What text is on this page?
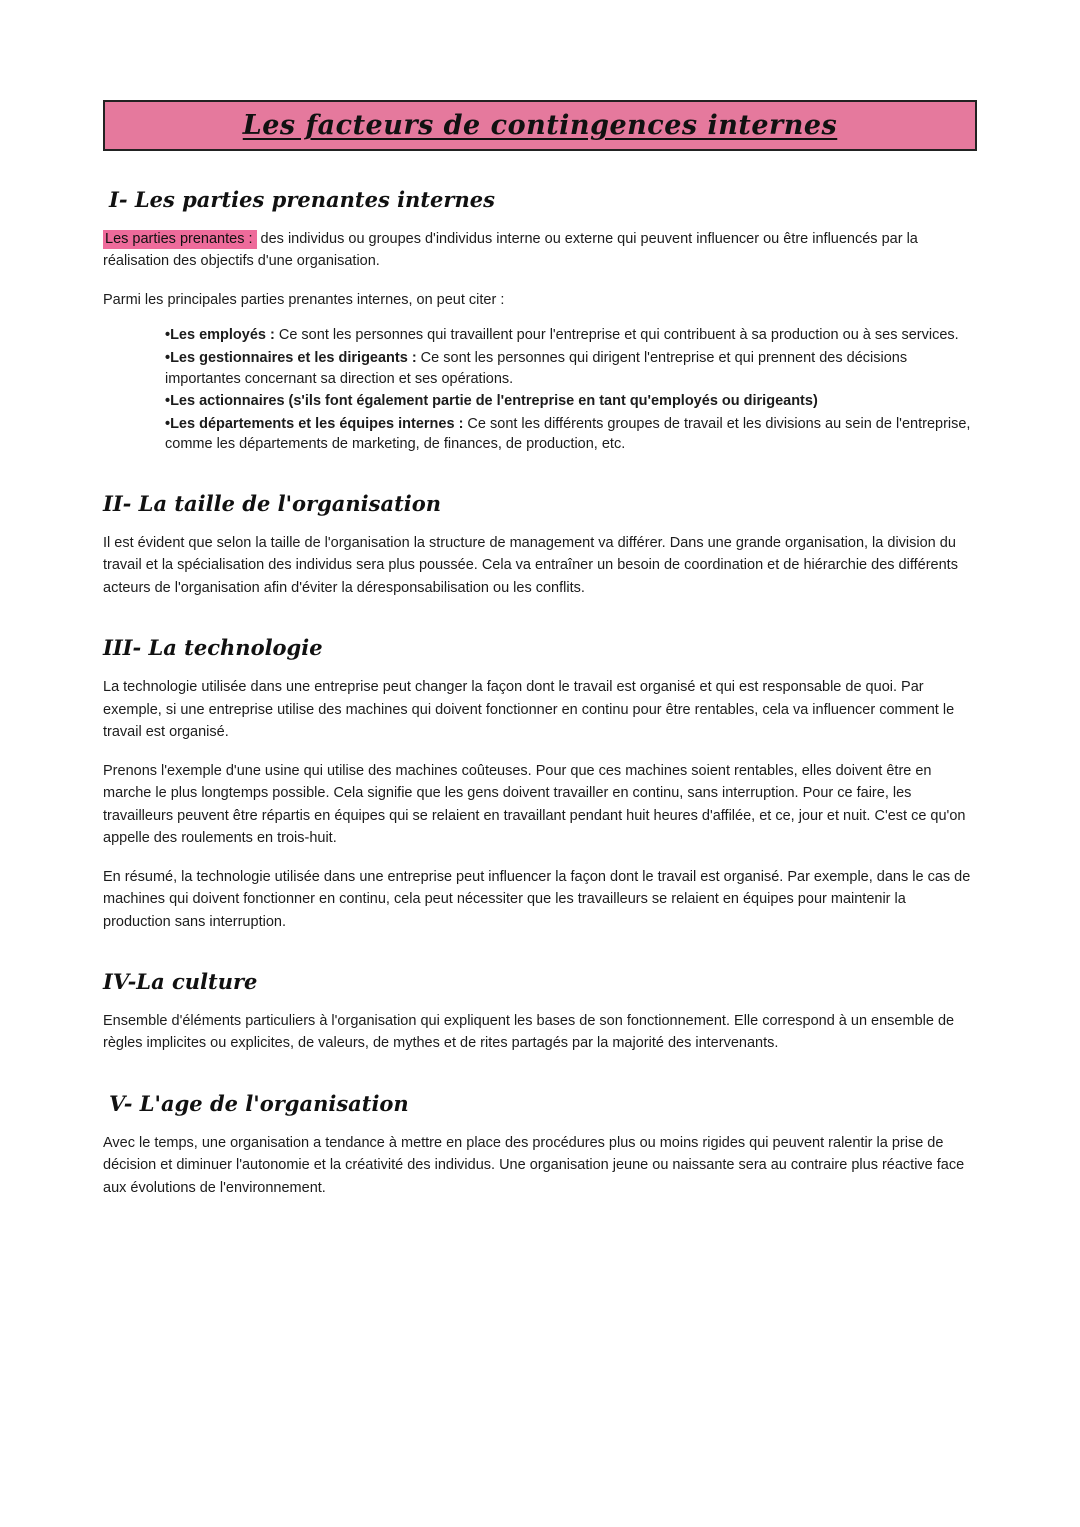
Les facteurs de contingences internes
I- Les parties prenantes internes

Les parties prenantes : des individus ou groupes d'individus interne ou externe qui peuvent influencer ou être influencés par la réalisation des objectifs d'une organisation.

Parmi les principales parties prenantes internes, on peut citer :

•Les employés : Ce sont les personnes qui travaillent pour l'entreprise et qui contribuent à sa production ou à ses services.
•Les gestionnaires et les dirigeants : Ce sont les personnes qui dirigent l'entreprise et qui prennent des décisions importantes concernant sa direction et ses opérations.
•Les actionnaires (s'ils font également partie de l'entreprise en tant qu'employés ou dirigeants)
•Les départements et les équipes internes : Ce sont les différents groupes de travail et les divisions au sein de l'entreprise, comme les départements de marketing, de finances, de production, etc.
II- La taille de l'organisation

Il est évident que selon la taille de l'organisation la structure de management va différer. Dans une grande organisation, la division du travail et la spécialisation des individus sera plus poussée. Cela va entraîner un besoin de coordination et de hiérarchie des différents acteurs de l'organisation afin d'éviter la déresponsabilisation ou les conflits.

III- La technologie

La technologie utilisée dans une entreprise peut changer la façon dont le travail est organisé et qui est responsable de quoi. Par exemple, si une entreprise utilise des machines qui doivent fonctionner en continu pour être rentables, cela va influencer comment le travail est organisé.

Prenons l'exemple d'une usine qui utilise des machines coûteuses. Pour que ces machines soient rentables, elles doivent être en marche le plus longtemps possible. Cela signifie que les gens doivent travailler en continu, sans interruption. Pour ce faire, les travailleurs peuvent être répartis en équipes qui se relaient en travaillant pendant huit heures d'affilée, et ce, jour et nuit. C'est ce qu'on appelle des roulements en trois-huit.

En résumé, la technologie utilisée dans une entreprise peut influencer la façon dont le travail est organisé. Par exemple, dans le cas de machines qui doivent fonctionner en continu, cela peut nécessiter que les travailleurs se relaient en équipes pour maintenir la production sans interruption.

IV-La culture

Ensemble d'éléments particuliers à l'organisation qui expliquent les bases de son fonctionnement. Elle correspond à un ensemble de règles implicites ou explicites, de valeurs, de mythes et de rites partagés par la majorité des intervenants.

V- L'age de l'organisation

Avec le temps, une organisation a tendance à mettre en place des procédures plus ou moins rigides qui peuvent ralentir la prise de décision et diminuer l'autonomie et la créativité des individus. Une organisation jeune ou naissante sera au contraire plus réactive face aux évolutions de l'environnement.
